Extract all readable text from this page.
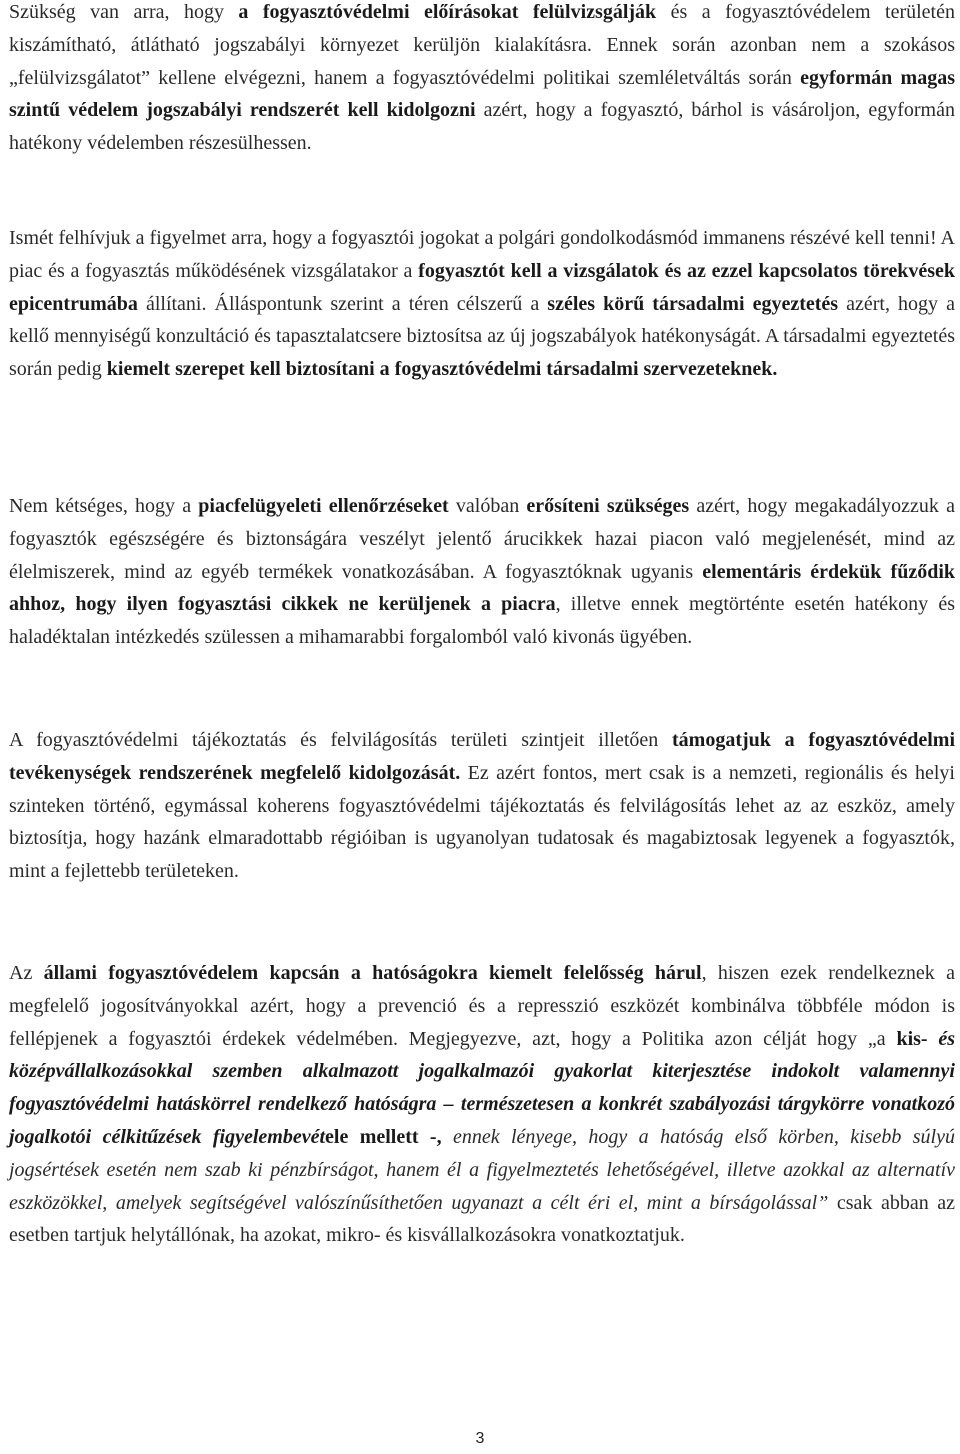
Szükség van arra, hogy a fogyasztóvédelmi előírásokat felülvizsgálják és a fogyasztóvédelem területén kiszámítható, átlátható jogszabályi környezet kerüljön kialakításra. Ennek során azonban nem a szokásos „felülvizsgálatot” kellene elvégezni, hanem a fogyasztóvédelmi politikai szemléletváltás során egyformán magas szintű védelem jogszabályi rendszerét kell kidolgozni azért, hogy a fogyasztó, bárhol is vásároljon, egyformán hatékony védelemben részesülhessen.

Ismét felhívjuk a figyelmet arra, hogy a fogyasztói jogokat a polgári gondolkodásmód immanens részévé kell tenni! A piac és a fogyasztás működésének vizsgálatakor a fogyasztót kell a vizsgálatok és az ezzel kapcsolatos törekvések epicentrumába állítani. Álláspontunk szerint a téren célszerű a széles körű társadalmi egyeztetés azért, hogy a kellő mennyiségű konzultáció és tapasztalatcsere biztosítsa az új jogszabályok hatékonyságát. A társadalmi egyeztetés során pedig kiemelt szerepet kell biztosítani a fogyasztóvédelmi társadalmi szervezeteknek.

Nem kétséges, hogy a piacfelügyeleti ellenőrzéseket valóban erősíteni szükséges azért, hogy megakadályozzuk a fogyasztók egészségére és biztonságára veszélyt jelentő árucikkek hazai piacon való megjelenését, mind az élelmiszerek, mind az egyéb termékek vonatkozásában. A fogyasztóknak ugyanis elementáris érdekük fűződik ahhoz, hogy ilyen fogyasztási cikkek ne kerüljenek a piacra, illetve ennek megtörténte esetén hatékony és haladéktalan intézkedés szülessen a mihamarabbi forgalomból való kivonás ügyében.

A fogyasztóvédelmi tájékoztatás és felvilágosítás területi szintjeit illetően támogatjuk a fogyasztóvédelmi tevékenységek rendszerének megfelelő kidolgozását. Ez azért fontos, mert csak is a nemzeti, regionális és helyi szinteken történő, egymással koherens fogyasztóvédelmi tájékoztatás és felvilágosítás lehet az az eszköz, amely biztosítja, hogy hazánk elmaradottabb régióiban is ugyanolyan tudatosak és magabiztosak legyenek a fogyasztók, mint a fejlettebb területeken.

Az állami fogyasztóvédelem kapcsán a hatóságokra kiemelt felelősség hárul, hiszen ezek rendelkeznek a megfelelő jogosítványokkal azért, hogy a prevenció és a represszió eszközét kombinálva többféle módon is fellépjenek a fogyasztói érdekek védelmében. Megjegyezve, azt, hogy a Politika azon célját hogy „a kis- és középvállalkozásokkal szemben alkalmazott jogalkalmazói gyakorlat kiterjesztése indokolt valamennyi fogyasztóvédelmi hatáskörrel rendelkező hatóságra – természetesen a konkrét szabályozási tárgykörre vonatkozó jogalkotói célkitűzések figyelembevétele mellett -, ennek lényege, hogy a hatóság első körben, kisebb súlyú jogsértések esetén nem szab ki pénzbírságot, hanem él a figyelmeztetés lehetőségével, illetve azokkal az alternatív eszközökkel, amelyek segítségével valószínűsíthetően ugyanazt a célt éri el, mint a bírságolással” csak abban az esetben tartjuk helytállónak, ha azokat, mikro- és kisvállalkozásokra vonatkoztatjuk.

3
